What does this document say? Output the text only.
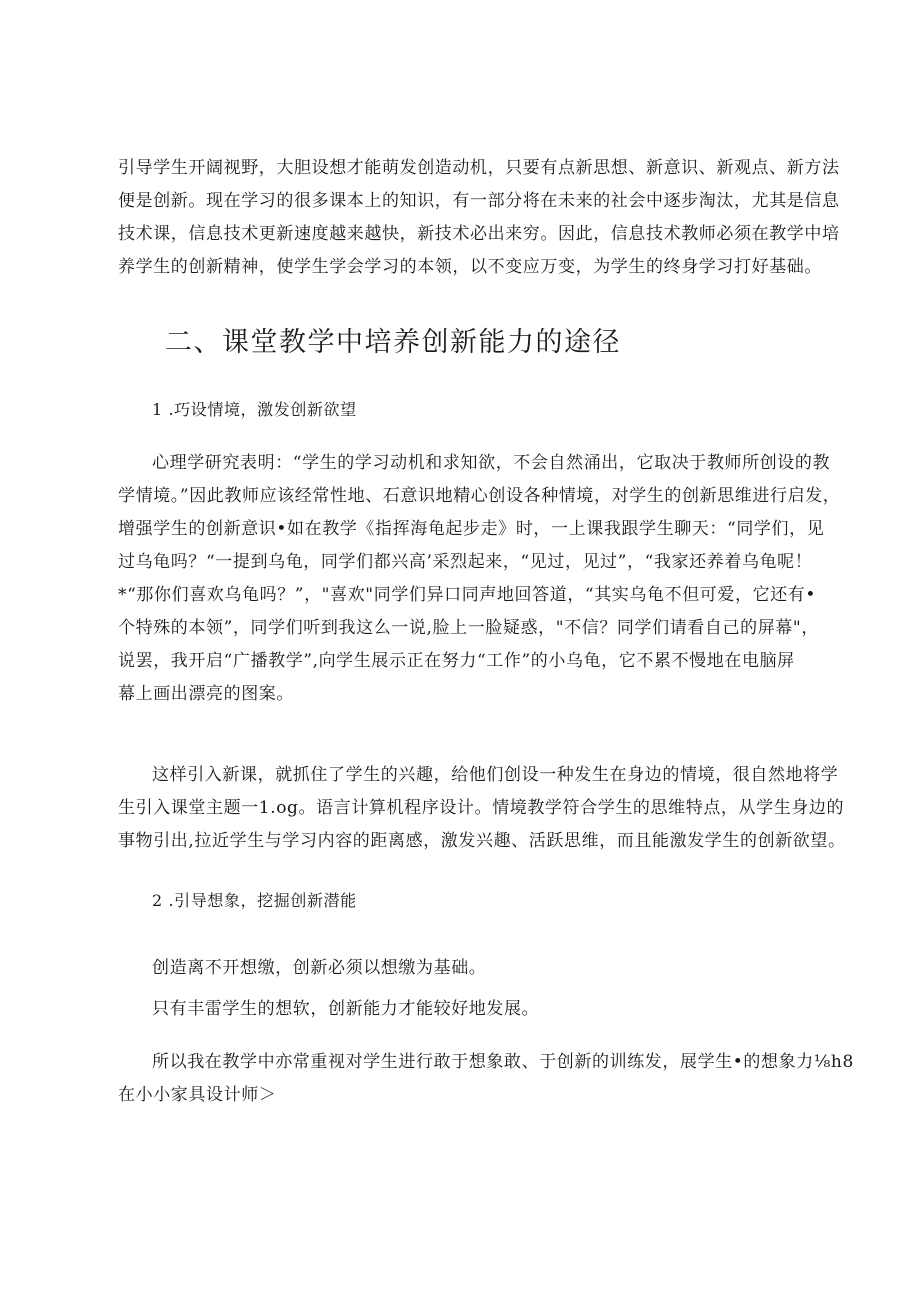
引导学生开阔视野，大胆设想才能萌发创造动机，只要有点新思想、新意识、新观点、新方法
便是创新。现在学习的很多课本上的知识，有一部分将在未来的社会中逐步淘汰，尤其是信息
技术课，信息技术更新速度越来越快，新技术必出来穷。因此，信息技术教师必须在教学中培
养学生的创新精神，使学生学会学习的本领，以不变应万变，为学生的终身学习打好基础。
二、课堂教学中培养创新能力的途径
1 .巧设情境，激发创新欲望
心理学研究表明：“学生的学习动机和求知欲，不会自然涌出，它取决于教师所创设的教
学情境。”因此教师应该经常性地、石意识地精心创设各种情境，对学生的创新思维进行启发，
增强学生的创新意识•如在教学《指挥海龟起步走》时，一上课我跟学生聊天：“同学们，见
过乌龟吗？“一提到乌龟，同学们都兴高’采烈起来，“见过，见过”，“我家还养着乌龟呢！
*“那你们喜欢乌龟吗？”，"喜欢"同学们异口同声地回答道，“其实乌龟不但可爱，它还有•
个特殊的本领”，同学们听到我这么一说,脸上一脸疑惑，"不信？同学们请看自己的屏幕"，
说罢，我开启“广播教学”,向学生展示正在努力“工作”的小乌龟，它不累不慢地在电脑屏
幕上画出漂亮的图案。
这样引入新课，就抓住了学生的兴趣，给他们创设一种发生在身边的情境，很自然地将学
生引入课堂主题一1.og。语言计算机程序设计。情境教学符合学生的思维特点，从学生身边的
事物引出,拉近学生与学习内容的距离感，激发兴趣、活跃思维，而且能激发学生的创新欲望。
2 .引导想象，挖掘创新潜能
创造离不开想缴，创新必须以想缴为基础。
只有丰雷学生的想软，创新能力才能较好地发展。
所以我在教学中亦常重视对学生进行敢于想象敢、于创新的训练发，展学生•的想象力⅛h8
在小小家具设计师＞
